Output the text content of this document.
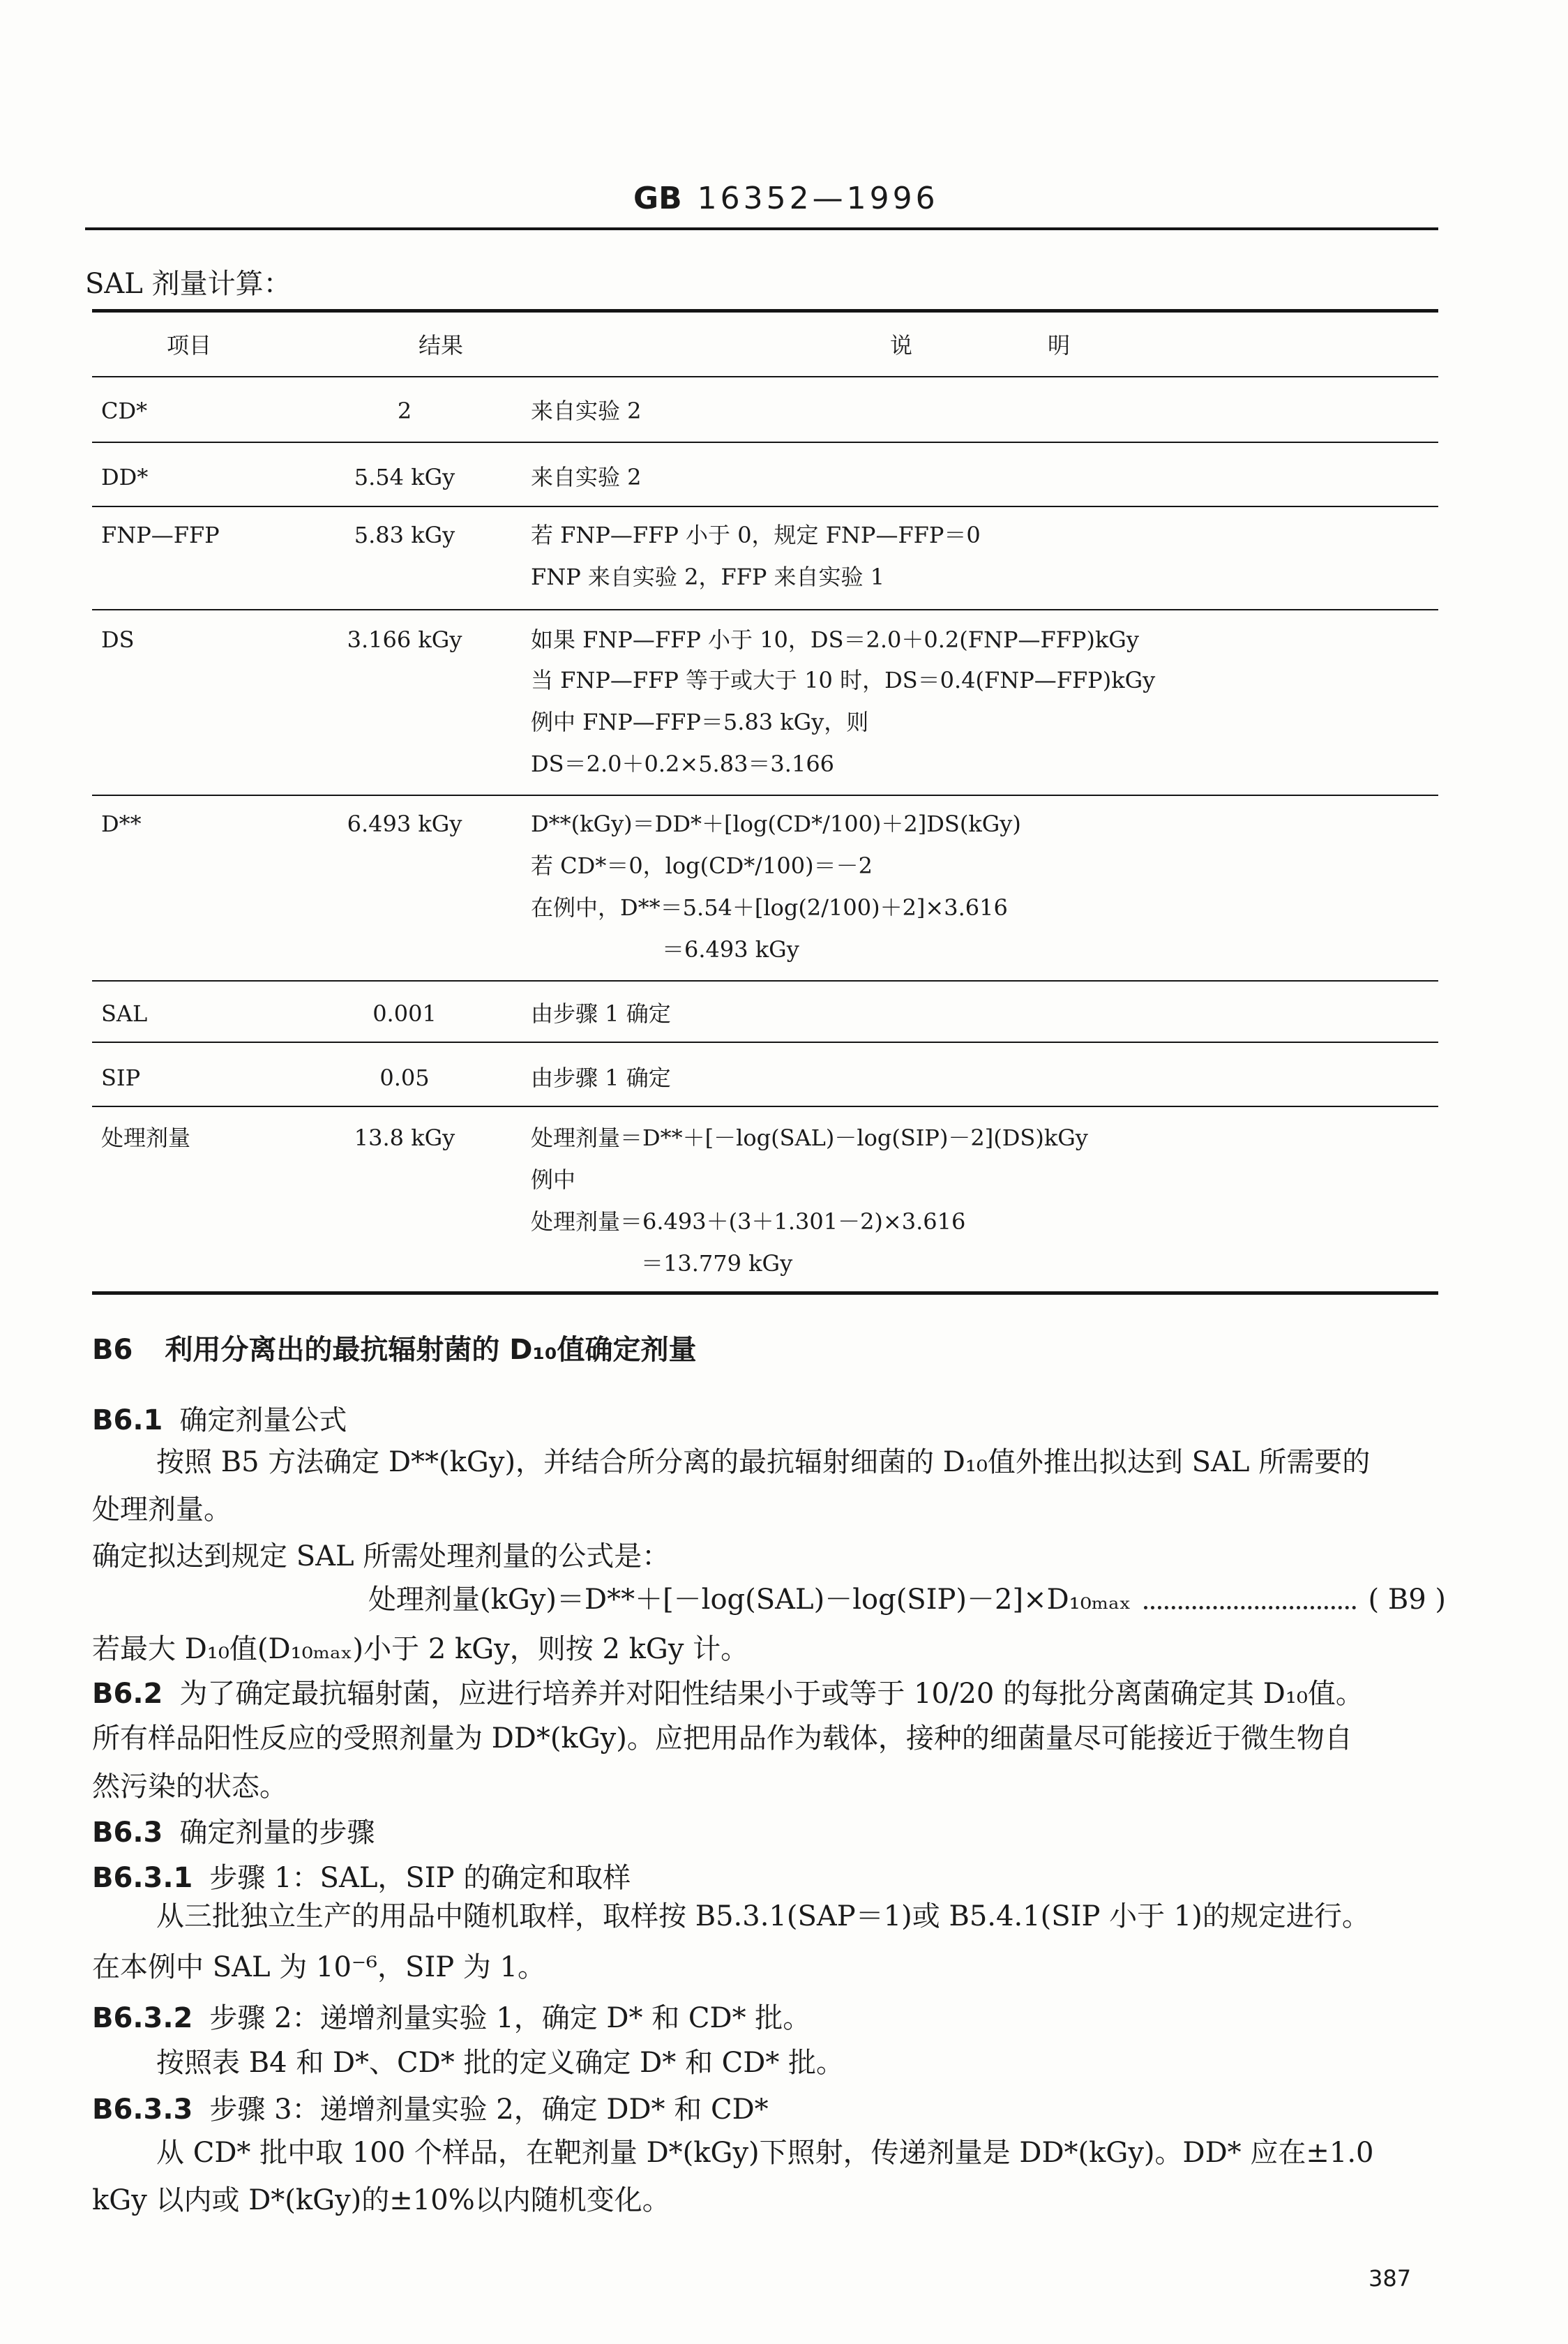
GB 16352—1996
SAL 剂量计算：
项目	结果	说明
CD*	2	来自实验 2
DD*	5.54 kGy	来自实验 2
FNP—FFP	5.83 kGy	若 FNP—FFP 小于 0，规定 FNP—FFP＝0
FNP 来自实验 2，FFP 来自实验 1
DS	3.166 kGy	如果 FNP—FFP 小于 10，DS＝2.0＋0.2(FNP—FFP)kGy
当 FNP—FFP 等于或大于 10 时，DS＝0.4(FNP—FFP)kGy
例中 FNP—FFP＝5.83 kGy，则
DS＝2.0＋0.2×5.83＝3.166
D**	6.493 kGy	D**(kGy)＝DD*＋[log(CD*/100)＋2]DS(kGy)
若 CD*＝0，log(CD*/100)＝－2
在例中，D**＝5.54＋[log(2/100)＋2]×3.616
＝6.493 kGy
SAL	0.001	由步骤 1 确定
SIP	0.05	由步骤 1 确定
处理剂量	13.8 kGy	处理剂量＝D**＋[－log(SAL)－log(SIP)－2](DS)kGy
例中
处理剂量＝6.493＋(3＋1.301－2)×3.616
＝13.779 kGy
B6 利用分离出的最抗辐射菌的 D₁₀值确定剂量
B6.1 确定剂量公式
按照 B5 方法确定 D**(kGy)，并结合所分离的最抗辐射细菌的 D₁₀值外推出拟达到 SAL 所需要的
处理剂量。
确定拟达到规定 SAL 所需处理剂量的公式是：
处理剂量(kGy)＝D**＋[－log(SAL)－log(SIP)－2]×D₁₀ₘₐₓ	( B9 )
若最大 D₁₀值(D₁₀ₘₐₓ)小于 2 kGy，则按 2 kGy 计。
B6.2 为了确定最抗辐射菌，应进行培养并对阳性结果小于或等于 10/20 的每批分离菌确定其 D₁₀值。
所有样品阳性反应的受照剂量为 DD*(kGy)。应把用品作为载体，接种的细菌量尽可能接近于微生物自
然污染的状态。
B6.3 确定剂量的步骤
B6.3.1 步骤 1：SAL，SIP 的确定和取样
从三批独立生产的用品中随机取样，取样按 B5.3.1(SAP＝1)或 B5.4.1(SIP 小于 1)的规定进行。
在本例中 SAL 为 10⁻⁶，SIP 为 1。
B6.3.2 步骤 2：递增剂量实验 1，确定 D* 和 CD* 批。
按照表 B4 和 D*、CD* 批的定义确定 D* 和 CD* 批。
B6.3.3 步骤 3：递增剂量实验 2，确定 DD* 和 CD*
从 CD* 批中取 100 个样品，在靶剂量 D*(kGy)下照射，传递剂量是 DD*(kGy)。DD* 应在±1.0
kGy 以内或 D*(kGy)的±10%以内随机变化。
387
